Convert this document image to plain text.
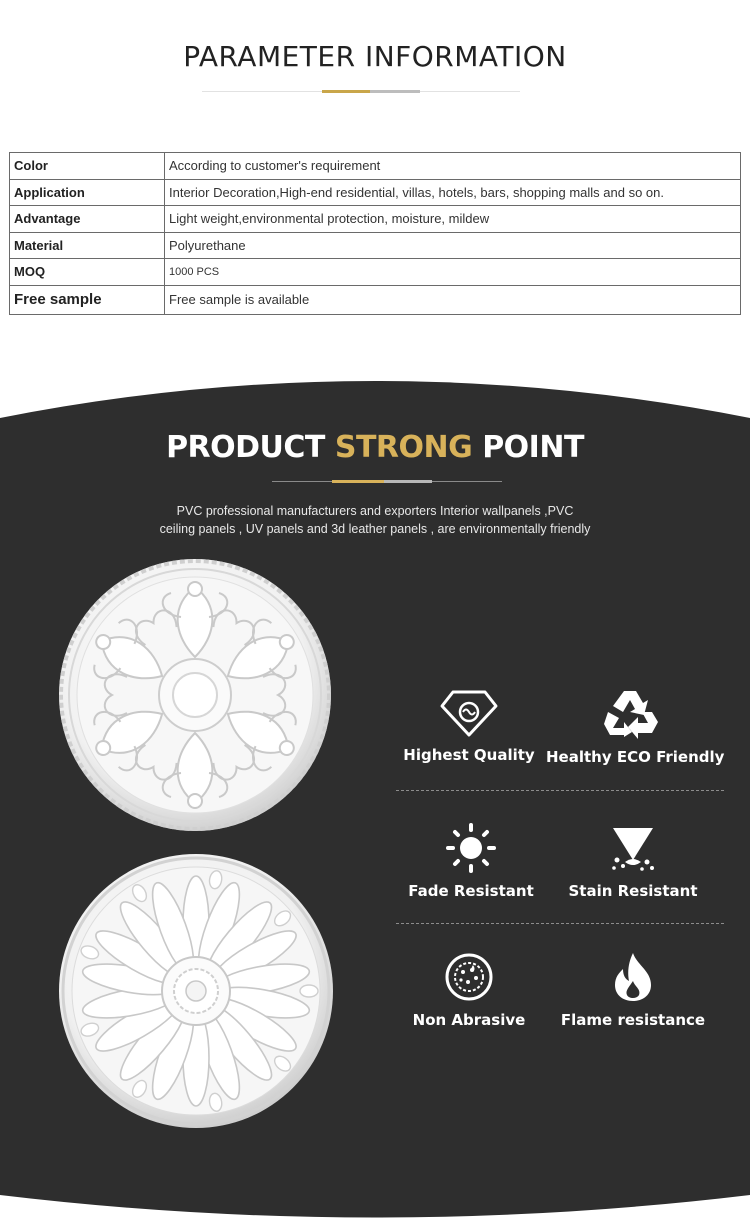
PARAMETER INFORMATION
Color	According to customer's requirement
Application	Interior Decoration,High-end residential, villas, hotels, bars, shopping malls and so on.
Advantage	Light weight,environmental protection, moisture, mildew
Material	Polyurethane
MOQ	1000 PCS
Free sample	Free sample is available
PRODUCT STRONG POINT
PVC professional manufacturers and exporters Interior wallpanels ,PVC
ceiling panels , UV panels and 3d leather panels , are environmentally friendly
Highest Quality Healthy ECO Friendly
Fade Resistant	Stain Resistant
Non Abrasive	Flame resistance
